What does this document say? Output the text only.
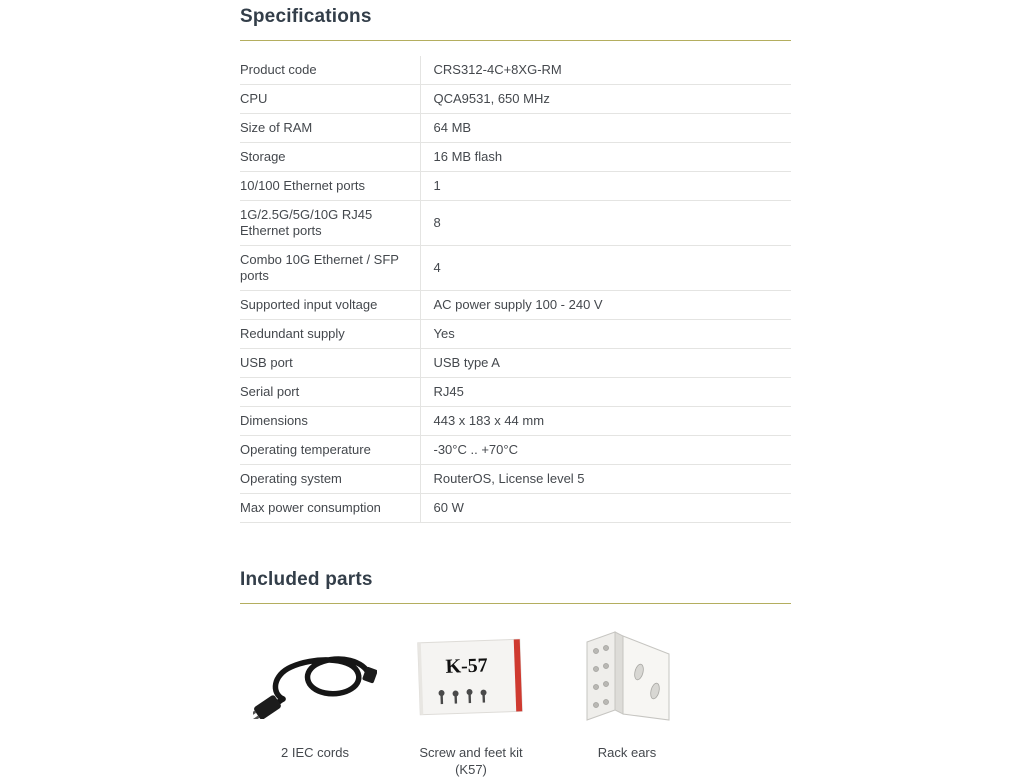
Specifications
Product code	CRS312-4C+8XG-RM
CPU	QCA9531, 650 MHz
Size of RAM	64 MB
Storage	16 MB flash
10/100 Ethernet ports	1
1G/2.5G/5G/10G RJ45 Ethernet ports	8
Combo 10G Ethernet / SFP ports	4
Supported input voltage	AC power supply 100 - 240 V
Redundant supply	Yes
USB port	USB type A
Serial port	RJ45
Dimensions	443 x 183 x 44 mm
Operating temperature	-30°C .. +70°C
Operating system	RouterOS, License level 5
Max power consumption	60 W
Included parts
2 IEC cords
K-57
Screw and feet kit (K57)
Rack ears
